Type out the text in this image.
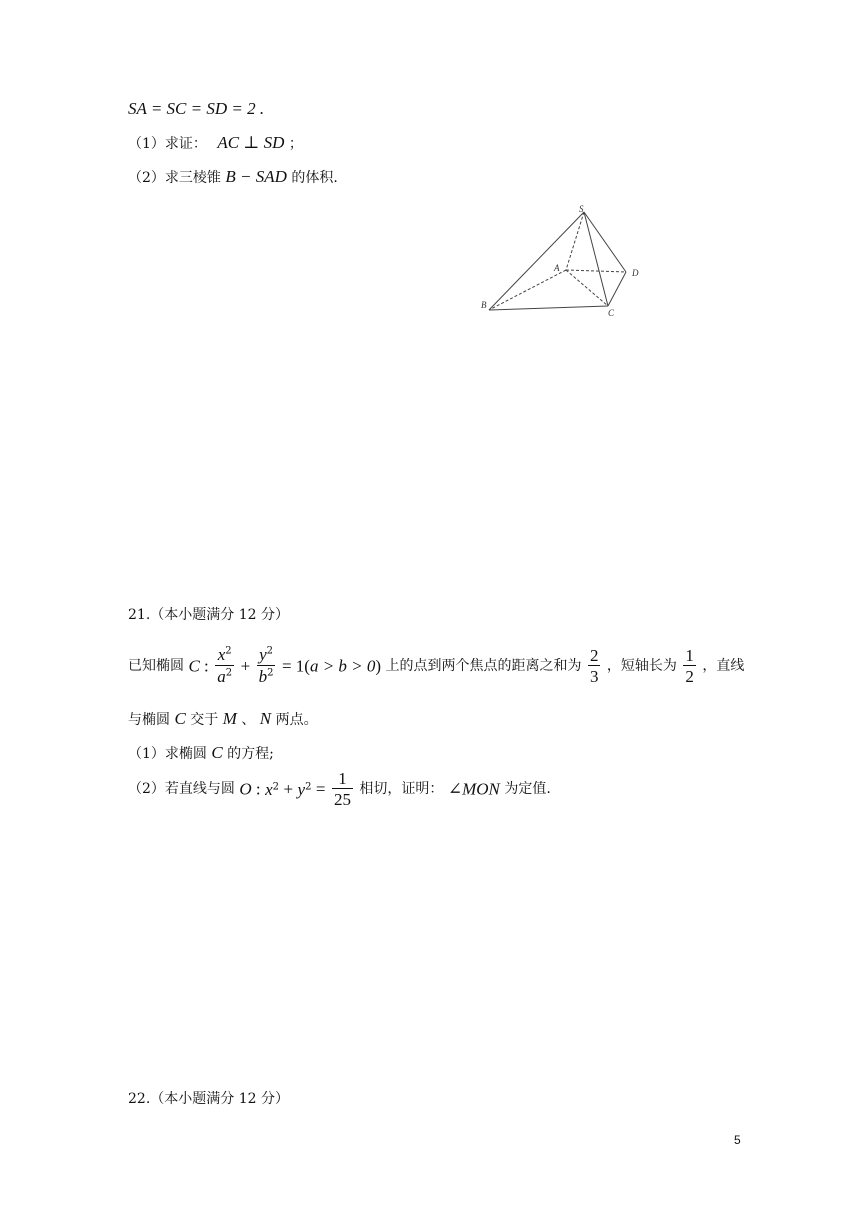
SA = SC = SD = 2 .
（1）求证： AC ⊥ SD ；
（2）求三棱锥 B − SAD 的体积.
S
A	D
B
C
21.（本小题满分 12 分）
已知椭圆 C : $\frac{x^2}{a^2} + \frac{y^2}{b^2} = 1(a > b > 0)$ 上的点到两个焦点的距离之和为 $\frac{2}{3}$ ，短轴长为 $\frac{1}{2}$ ，直线
与椭圆 C 交于 M 、 N 两点。
（1）求椭圆 C 的方程;
（2）若直线与圆 O : $x^2 + y^2 = \frac{1}{25}$ 相切，证明： ∠MON 为定值.
22.（本小题满分 12 分）
5
